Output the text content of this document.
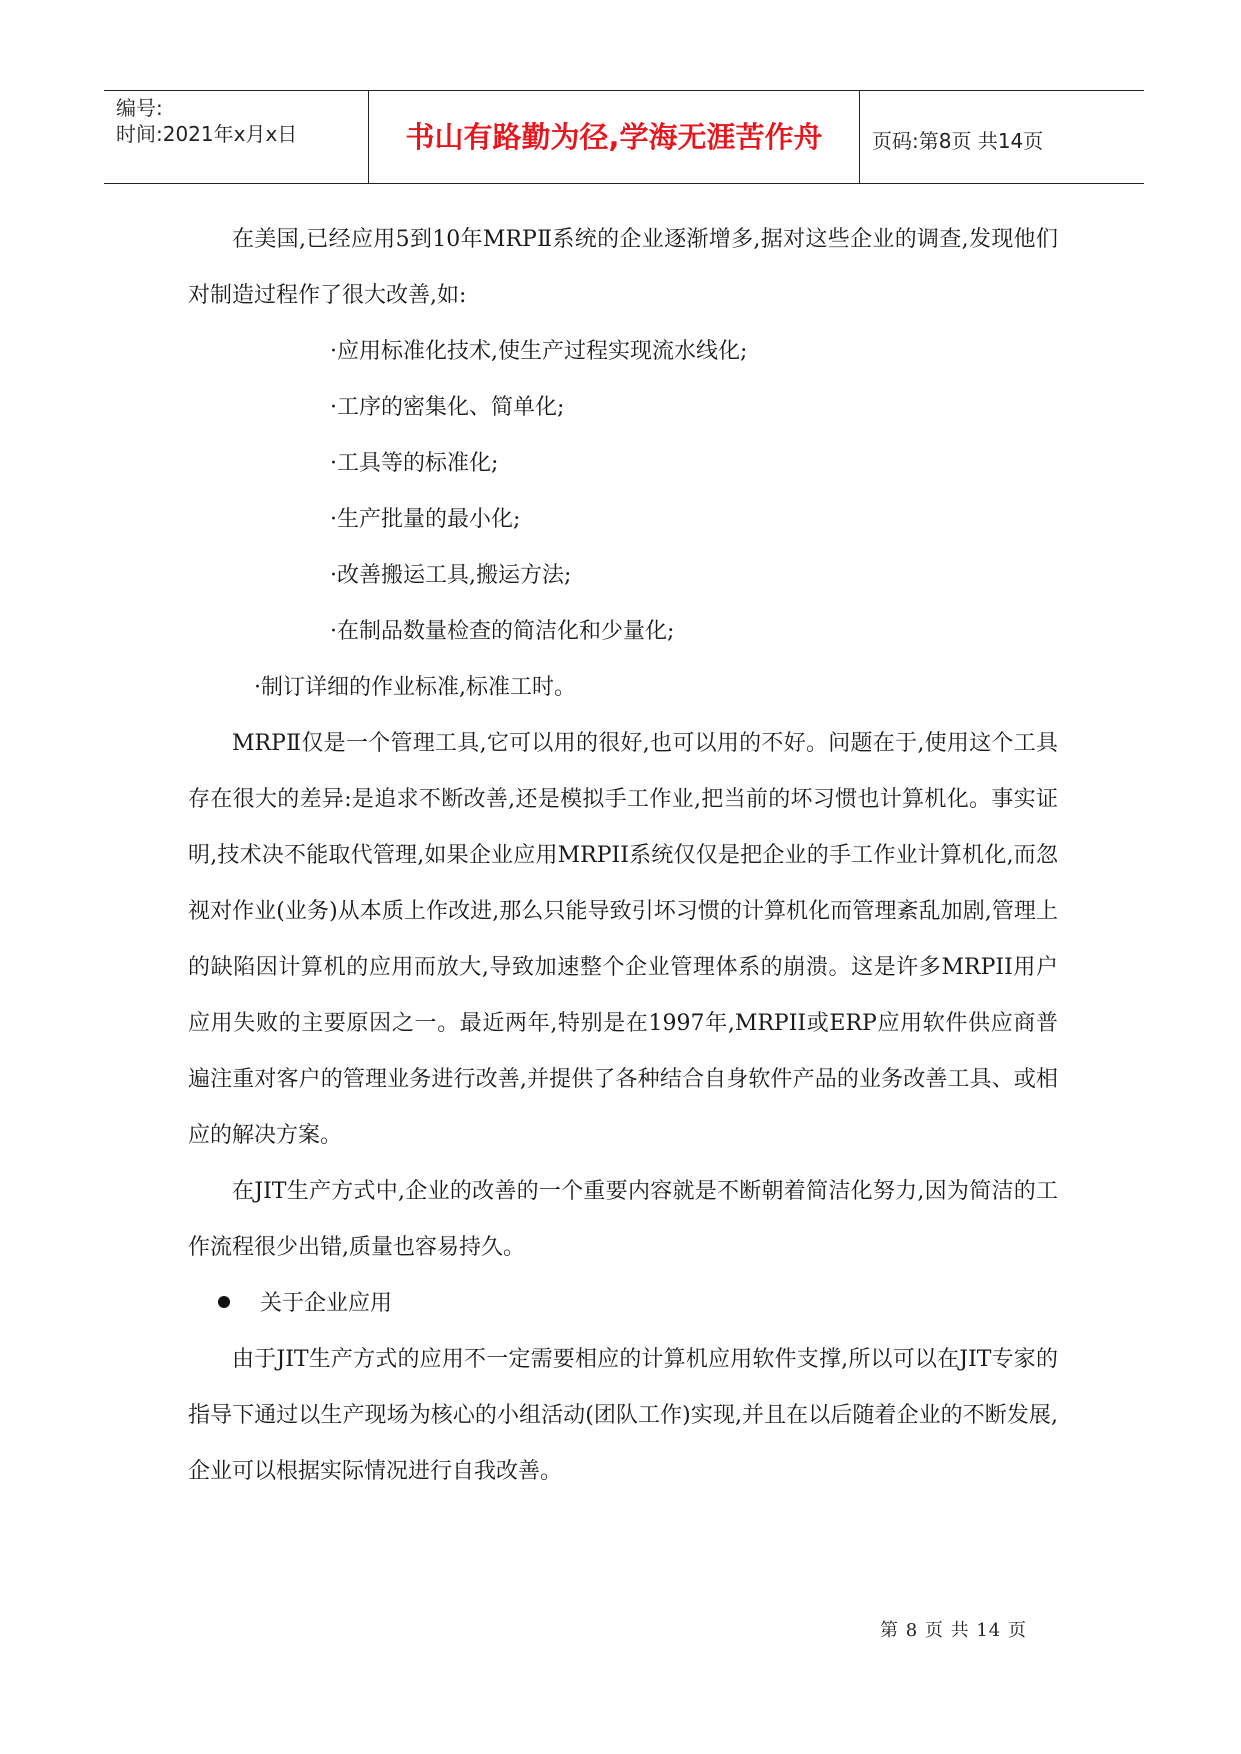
编号:
时间:2021年x月x日	书山有路勤为径,学海无涯苦作舟	页码:第8页 共14页

在美国,已经应用5到10年MRPⅡ系统的企业逐渐增多,据对这些企业的调查,发现他们对制造过程作了很大改善,如:

·应用标准化技术,使生产过程实现流水线化;

·工序的密集化、简单化;

·工具等的标准化;

·生产批量的最小化;

·改善搬运工具,搬运方法;

·在制品数量检查的简洁化和少量化;

·制订详细的作业标准,标准工时。

MRPⅡ仅是一个管理工具,它可以用的很好,也可以用的不好。问题在于,使用这个工具存在很大的差异:是追求不断改善,还是模拟手工作业,把当前的坏习惯也计算机化。事实证明,技术决不能取代管理,如果企业应用MRPII系统仅仅是把企业的手工作业计算机化,而忽视对作业(业务)从本质上作改进,那么只能导致引坏习惯的计算机化而管理紊乱加剧,管理上的缺陷因计算机的应用而放大,导致加速整个企业管理体系的崩溃。这是许多MRPII用户应用失败的主要原因之一。最近两年,特别是在1997年,MRPII或ERP应用软件供应商普遍注重对客户的管理业务进行改善,并提供了各种结合自身软件产品的业务改善工具、或相应的解决方案。

在JIT生产方式中,企业的改善的一个重要内容就是不断朝着简洁化努力,因为简洁的工作流程很少出错,质量也容易持久。

关于企业应用

由于JIT生产方式的应用不一定需要相应的计算机应用软件支撑,所以可以在JIT专家的指导下通过以生产现场为核心的小组活动(团队工作)实现,并且在以后随着企业的不断发展,企业可以根据实际情况进行自我改善。

第 8 页 共 14 页
